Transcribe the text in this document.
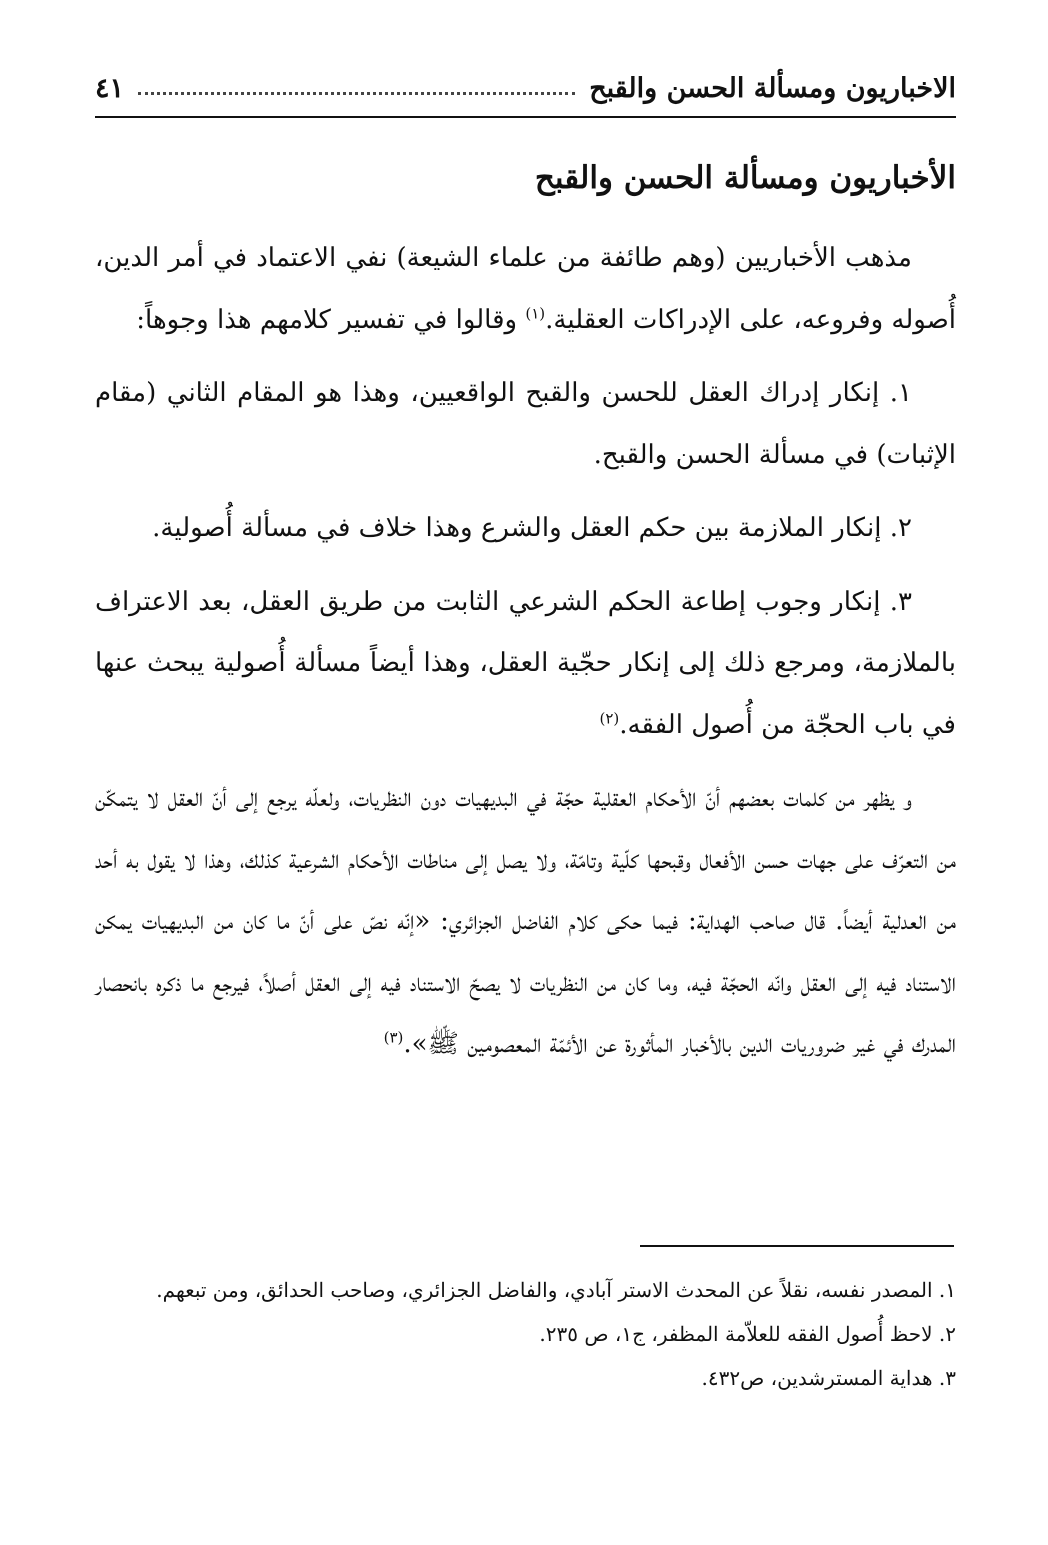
الاخباريون ومسألة الحسن والقبح
٤١
الأخباريون ومسألة الحسن والقبح

مذهب الأخباريين (وهم طائفة من علماء الشيعة) نفي الاعتماد في أمر الدين، أُصوله وفروعه، على الإدراكات العقلية.$^{(١)}$ وقالوا في تفسير كلامهم هذا وجوهاً:

١. إنكار إدراك العقل للحسن والقبح الواقعيين، وهذا هو المقام الثاني (مقام الإثبات) في مسألة الحسن والقبح.

٢. إنكار الملازمة بين حكم العقل والشرع وهذا خلاف في مسألة أُصولية.

٣. إنكار وجوب إطاعة الحكم الشرعي الثابت من طريق العقل، بعد الاعتراف بالملازمة، ومرجع ذلك إلى إنكار حجّية العقل، وهذا أيضاً مسألة أُصولية يبحث عنها في باب الحجّة من أُصول الفقه.$^{(٢)}$

و يظهر من كلمات بعضهم أنّ الأحكام العقلية حجّة في البديهيات دون النظريات، ولعلّه يرجع إلى أنّ العقل لا يتمكّن من التعرّف على جهات حسن الأفعال وقبحها كلّية وتامّة، ولا يصل إلى مناطات الأحكام الشرعية كذلك، وهذا لا يقول به أحد من العدلية أيضاً. قال صاحب الهداية: فيما حكى كلام الفاضل الجزائري: «إنّه نصّ على أنّ ما كان من البديهيات يمكن الاستناد فيه إلى العقل وانّه الحجّة فيه، وما كان من النظريات لا يصحّ الاستناد فيه إلى العقل أصلاً، فيرجع ما ذكره بانحصار المدرك في غير ضروريات الدين بالأخبار المأثورة عن الأئمّة المعصومين ﷺ».$^{(٣)}$

١. المصدر نفسه، نقلاً عن المحدث الاستر آبادي، والفاضل الجزائري، وصاحب الحدائق، ومن تبعهم.

٢. لاحظ أُصول الفقه للعلاّمة المظفر، ج١، ص ٢٣٥.

٣. هداية المسترشدين، ص٤٣٢.
